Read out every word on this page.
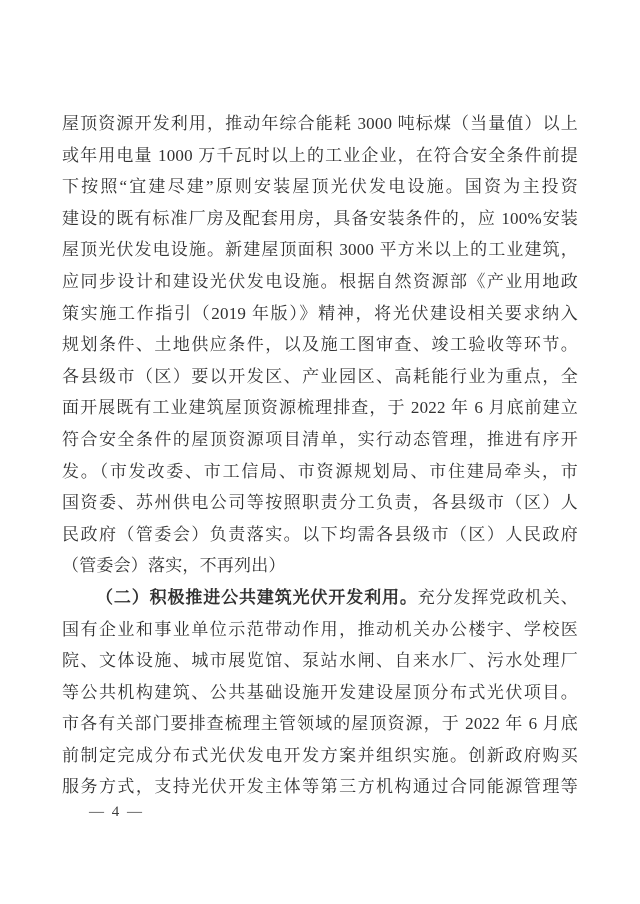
屋顶资源开发利用，推动年综合能耗 3000 吨标煤（当量值）以上
或年用电量 1000 万千瓦时以上的工业企业，在符合安全条件前提
下按照“宜建尽建”原则安装屋顶光伏发电设施。国资为主投资
建设的既有标准厂房及配套用房，具备安装条件的，应 100%安装
屋顶光伏发电设施。新建屋顶面积 3000 平方米以上的工业建筑，
应同步设计和建设光伏发电设施。根据自然资源部《产业用地政
策实施工作指引（2019 年版）》精神，将光伏建设相关要求纳入
规划条件、土地供应条件，以及施工图审查、竣工验收等环节。
各县级市（区）要以开发区、产业园区、高耗能行业为重点，全
面开展既有工业建筑屋顶资源梳理排查，于 2022 年 6 月底前建立
符合安全条件的屋顶资源项目清单，实行动态管理，推进有序开
发。（市发改委、市工信局、市资源规划局、市住建局牵头，市
国资委、苏州供电公司等按照职责分工负责，各县级市（区）人
民政府（管委会）负责落实。以下均需各县级市（区）人民政府
（管委会）落实，不再列出）
（二）积极推进公共建筑光伏开发利用。充分发挥党政机关、
国有企业和事业单位示范带动作用，推动机关办公楼宇、学校医
院、文体设施、城市展览馆、泵站水闸、自来水厂、污水处理厂
等公共机构建筑、公共基础设施开发建设屋顶分布式光伏项目。
市各有关部门要排查梳理主管领域的屋顶资源，于 2022 年 6 月底
前制定完成分布式光伏发电开发方案并组织实施。创新政府购买
服务方式，支持光伏开发主体等第三方机构通过合同能源管理等
— 4 —
